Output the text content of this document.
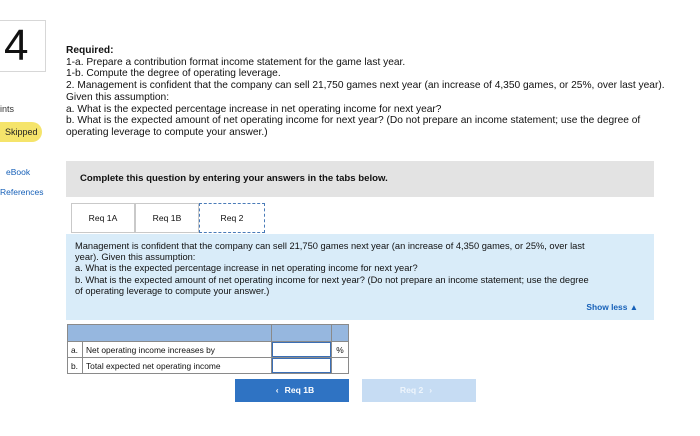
4
ints
Skipped
eBook
References
Required:
1-a. Prepare a contribution format income statement for the game last year.
1-b. Compute the degree of operating leverage.
2. Management is confident that the company can sell 21,750 games next year (an increase of 4,350 games, or 25%, over last year).
Given this assumption:
a. What is the expected percentage increase in net operating income for next year?
b. What is the expected amount of net operating income for next year? (Do not prepare an income statement; use the degree of
operating leverage to compute your answer.)
Complete this question by entering your answers in the tabs below.
Req 1A	Req 1B	Req 2
Management is confident that the company can sell 21,750 games next year (an increase of 4,350 games, or 25%, over last
year). Given this assumption:
a. What is the expected percentage increase in net operating income for next year?
b. What is the expected amount of net operating income for next year? (Do not prepare an income statement; use the degree
of operating leverage to compute your answer.)
Show less ▲

a.	Net operating income increases by		%
b.	Total expected net operating income		
‹ Req 1B	Req 2 ›
